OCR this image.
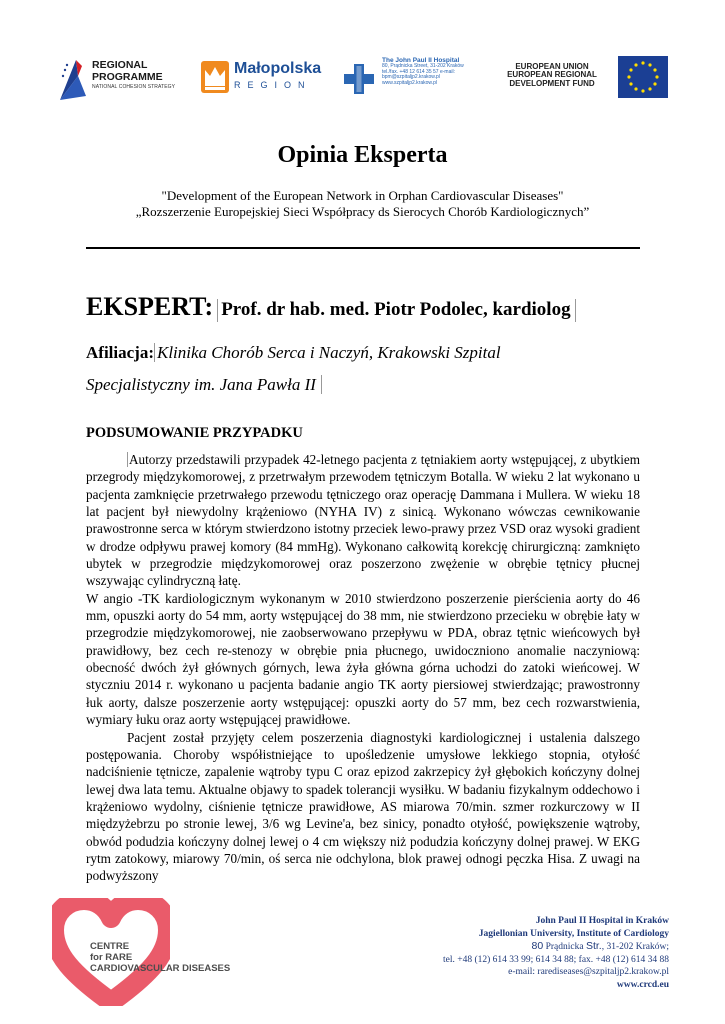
REGIONAL
PROGRAMME
NATIONAL COHESION STRATEGY
Małopolska
REGION
The John Paul II Hospital
80, Prądnicka Street, 31-202 Kraków
tel./fax. +48 12 614 35 57 e-mail:
bpm@szpitaljp2.krakow.pl
www.szpitaljp2.krakow.pl
EUROPEAN UNION
EUROPEAN REGIONAL
DEVELOPMENT FUND
Opinia Eksperta
"Development of the European Network in Orphan Cardiovascular Diseases"
„Rozszerzenie Europejskiej Sieci Współpracy ds Sierocych Chorób Kardiologicznych”
EKSPERT: Prof. dr hab. med. Piotr Podolec, kardiolog
Afiliacja: Klinika Chorób Serca i Naczyń, Krakowski Szpital
Specjalistyczny im. Jana Pawła II
PODSUMOWANIE PRZYPADKU
Autorzy przedstawili przypadek 42-letnego pacjenta z tętniakiem aorty wstępującej, z ubytkiem przegrody międzykomorowej, z przetrwałym przewodem tętniczym Botalla. W wieku 2 lat wykonano u pacjenta zamknięcie przetrwałego przewodu tętniczego oraz operację Dammana i Mullera. W wieku 18 lat pacjent był niewydolny krążeniowo (NYHA IV) z sinicą. Wykonano wówczas cewnikowanie prawostronne serca w którym stwierdzono istotny przeciek lewo-prawy przez VSD oraz wysoki gradient w drodze odpływu prawej komory (84 mmHg). Wykonano całkowitą korekcję chirurgiczną: zamknięto ubytek w przegrodzie międzykomorowej oraz poszerzono zwężenie w obrębie tętnicy płucnej wszywając cylindryczną łatę.
W angio -TK kardiologicznym wykonanym w 2010 stwierdzono poszerzenie pierścienia aorty do 46 mm, opuszki aorty do 54 mm, aorty wstępującej do 38 mm, nie stwierdzono przecieku w obrębie łaty w przegrodzie międzykomorowej, nie zaobserwowano przepływu w PDA, obraz tętnic wieńcowych był prawidłowy, bez cech re-stenozy w obrębie pnia płucnego, uwidoczniono anomalie naczyniową: obecność dwóch żył głównych górnych, lewa żyła główna górna uchodzi do zatoki wieńcowej. W styczniu 2014 r. wykonano u pacjenta badanie angio TK aorty piersiowej stwierdzając; prawostronny łuk aorty, dalsze poszerzenie aorty wstępującej: opuszki aorty do 57 mm, bez cech rozwarstwienia, wymiary łuku oraz aorty wstępującej prawidłowe.
Pacjent został przyjęty celem poszerzenia diagnostyki kardiologicznej i ustalenia dalszego postępowania. Choroby współistniejące to upośledzenie umysłowe lekkiego stopnia, otyłość nadciśnienie tętnicze, zapalenie wątroby typu C oraz epizod zakrzepicy żył głębokich kończyny dolnej lewej dwa lata temu. Aktualne objawy to spadek tolerancji wysiłku. W badaniu fizykalnym oddechowo i krążeniowo wydolny, ciśnienie tętnicze prawidłowe, AS miarowa 70/min. szmer rozkurczowy w II międzyżebrzu po stronie lewej, 3/6 wg Levine'a, bez sinicy, ponadto otyłość, powiększenie wątroby, obwód podudzia kończyny dolnej lewej o 4 cm większy niż podudzia kończyny dolnej prawej. W EKG rytm zatokowy, miarowy 70/min, oś serca nie odchylona, blok prawej odnogi pęczka Hisa. Z uwagi na podwyższony
CENTRE
for RARE
CARDIOVASCULAR DISEASES
John Paul II Hospital in Kraków
Jagiellonian University, Institute of Cardiology
80 Prądnicka Str., 31-202 Kraków;
tel. +48 (12) 614 33 99; 614 34 88; fax. +48 (12) 614 34 88
e-mail: rarediseases@szpitaljp2.krakow.pl
www.crcd.eu
